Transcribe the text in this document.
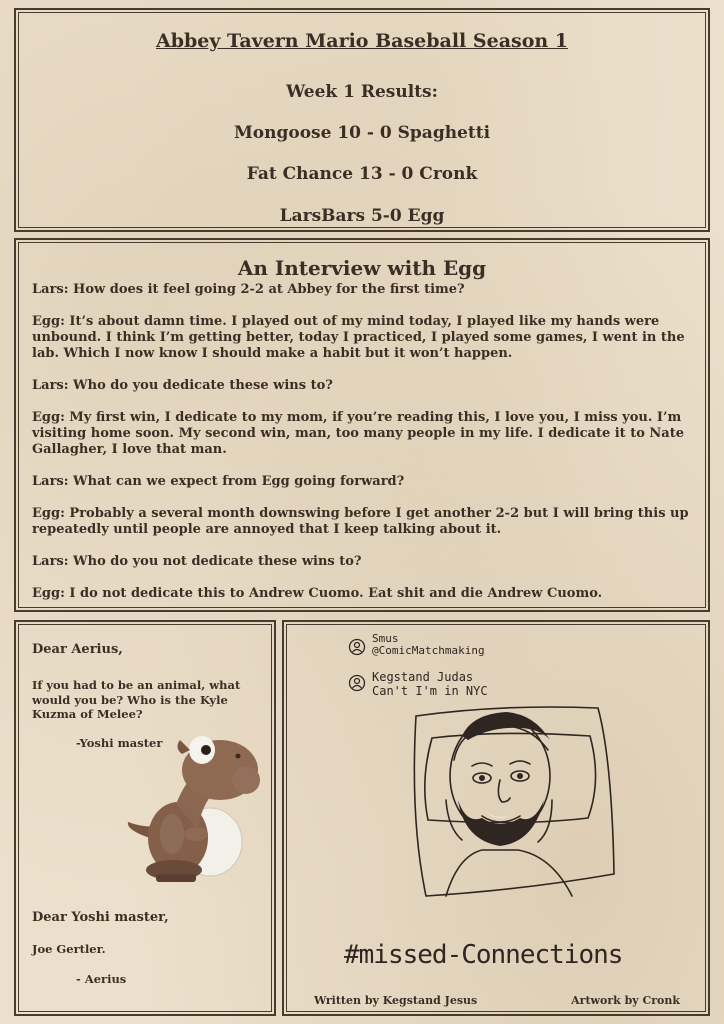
Abbey Tavern Mario Baseball Season 1
Week 1 Results:
Mongoose 10 - 0 Spaghetti
Fat Chance 13 - 0 Cronk
LarsBars 5-0 Egg
An Interview with Egg

Lars: How does it feel going 2-2 at Abbey for the first time?

Egg: It’s about damn time. I played out of my mind today, I played like my hands were unbound. I think I’m getting better, today I practiced, I played some games, I went in the lab. Which I now know I should make a habit but it won’t happen.

Lars: Who do you dedicate these wins to?

Egg: My first win, I dedicate to my mom, if you’re reading this, I love you, I miss you. I’m visiting home soon. My second win, man, too many people in my life. I dedicate it to Nate Gallagher, I love that man.

Lars: What can we expect from Egg going forward?

Egg: Probably a several month downswing before I get another 2-2 but I will bring this up repeatedly until people are annoyed that I keep talking about it.

Lars: Who do you not dedicate these wins to?

Egg: I do not dedicate this to Andrew Cuomo. Eat shit and die Andrew Cuomo.

Dear Aerius,

If you had to be an animal, what would you be? Who is the Kyle Kuzma of Melee?

-Yoshi master

Dear Yoshi master,

Joe Gertler.

- Aerius

Smus
@ComicMatchmaking
Kegstand Judas
Can't I'm in NYC
#missed-Connections
Written by Kegstand Jesus	Artwork by Cronk
